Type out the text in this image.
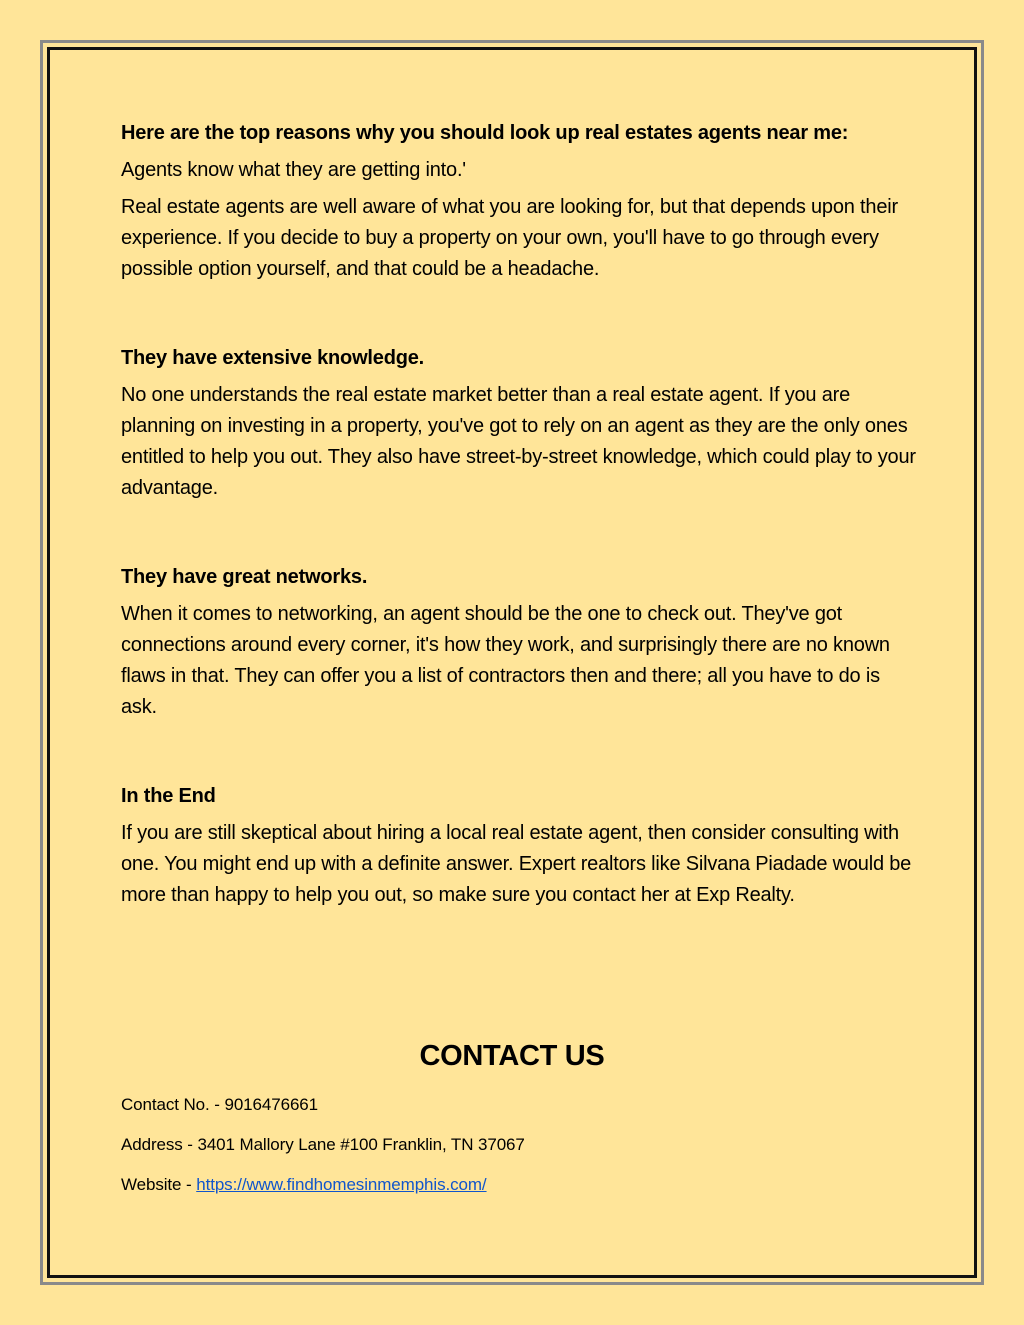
Here are the top reasons why you should look up real estates agents near me:

Agents know what they are getting into.'

Real estate agents are well aware of what you are looking for, but that depends upon their experience. If you decide to buy a property on your own, you'll have to go through every possible option yourself, and that could be a headache.

They have extensive knowledge.

No one understands the real estate market better than a real estate agent. If you are planning on investing in a property, you've got to rely on an agent as they are the only ones entitled to help you out. They also have street-by-street knowledge, which could play to your advantage.

They have great networks.

When it comes to networking, an agent should be the one to check out. They've got connections around every corner, it's how they work, and surprisingly there are no known flaws in that. They can offer you a list of contractors then and there; all you have to do is ask.

In the End

If you are still skeptical about hiring a local real estate agent, then consider consulting with one. You might end up with a definite answer. Expert realtors like Silvana Piadade would be more than happy to help you out, so make sure you contact her at Exp Realty.

CONTACT US
Contact No. - 9016476661
Address - 3401 Mallory Lane #100 Franklin, TN 37067
Website - https://www.findhomesinmemphis.com/
